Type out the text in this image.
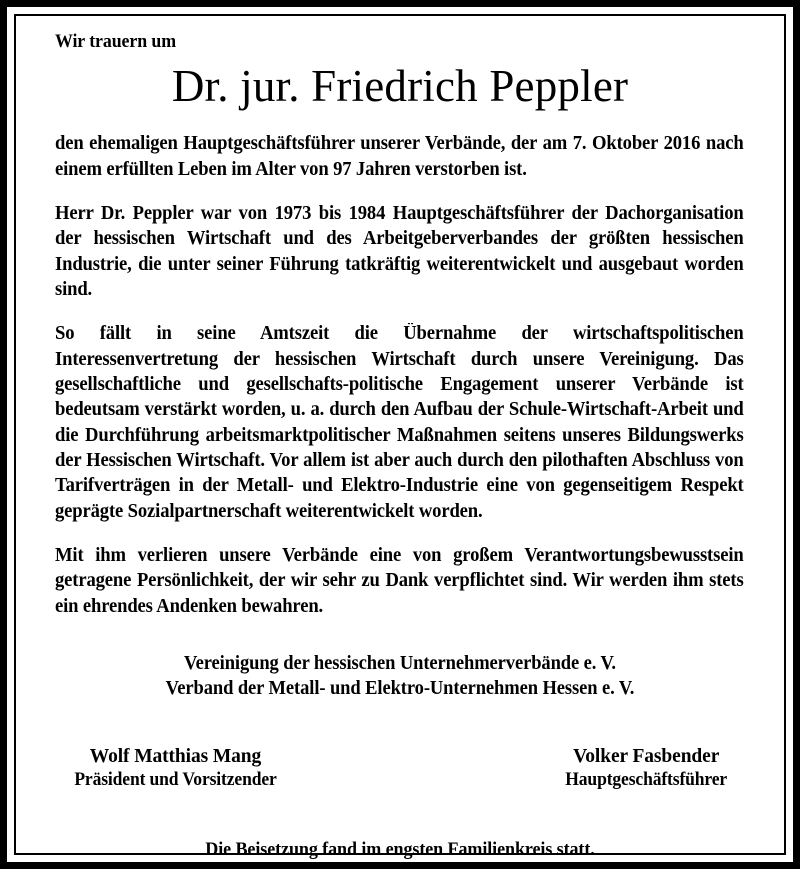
Wir trauern um

Dr. jur. Friedrich Peppler

den ehemaligen Hauptgeschäftsführer unserer Verbände, der am 7. Oktober 2016 nach einem erfüllten Leben im Alter von 97 Jahren verstorben ist.

Herr Dr. Peppler war von 1973 bis 1984 Hauptgeschäftsführer der Dachorganisation der hessischen Wirtschaft und des Arbeitgeberverbandes der größten hessischen Industrie, die unter seiner Führung tatkräftig weiterentwickelt und ausgebaut worden sind.

So fällt in seine Amtszeit die Übernahme der wirtschaftspolitischen Interessenvertretung der hessischen Wirtschaft durch unsere Vereinigung. Das gesellschaftliche und gesellschafts-politische Engagement unserer Verbände ist bedeutsam verstärkt worden, u. a. durch den Aufbau der Schule-Wirtschaft-Arbeit und die Durchführung arbeitsmarktpolitischer Maßnahmen seitens unseres Bildungswerks der Hessischen Wirtschaft. Vor allem ist aber auch durch den pilothaften Abschluss von Tarifverträgen in der Metall- und Elektro-Industrie eine von gegenseitigem Respekt geprägte Sozialpartnerschaft weiterentwickelt worden.

Mit ihm verlieren unsere Verbände eine von großem Verantwortungsbewusstsein getragene Persönlichkeit, der wir sehr zu Dank verpflichtet sind. Wir werden ihm stets ein ehrendes Andenken bewahren.

Vereinigung der hessischen Unternehmerverbände e. V.
Verband der Metall- und Elektro-Unternehmen Hessen e. V.
Wolf Matthias Mang
Präsident und Vorsitzender
Volker Fasbender
Hauptgeschäftsführer

Die Beisetzung fand im engsten Familienkreis statt.
